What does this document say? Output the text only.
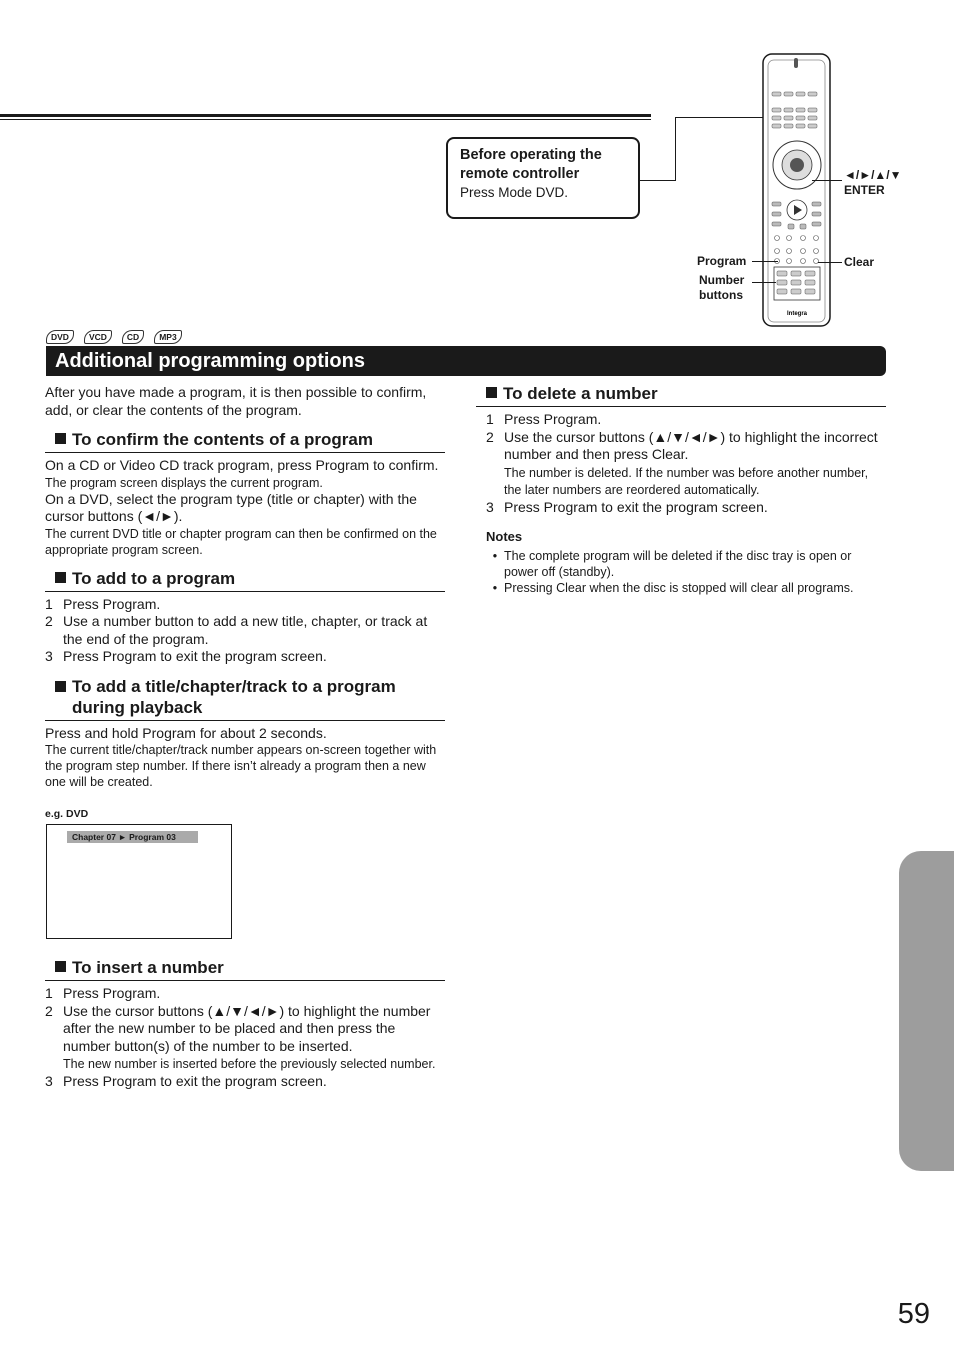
Before operating the remote controller
Press Mode DVD.
Integra
◄/►/▲/▼
ENTER
Clear
Program
Number buttons
DVD	VCD	CD	MP3
Additional programming options

After you have made a program, it is then possible to confirm, add, or clear the contents of the program.

To confirm the contents of a program

On a CD or Video CD track program, press Program to confirm.

The program screen displays the current program.

On a DVD, select the program type (title or chapter) with the cursor buttons (◄/►).

The current DVD title or chapter program can then be confirmed on the appropriate program screen.

To add to a program
1 Press Program.
2 Use a number button to add a new title, chapter, or track at the end of the program.
3 Press Program to exit the program screen.
To add a title/chapter/track to a program during playback

Press and hold Program for about 2 seconds.

The current title/chapter/track number appears on-screen together with the program step number. If there isn’t already a program then a new one will be created.

e.g. DVD
Chapter 07 ► Program 03
To insert a number
1 Press Program.
2 Use the cursor buttons (▲/▼/◄/►) to highlight the number after the new number to be placed and then press the number button(s) of the number to be inserted.
The new number is inserted before the previously selected number.
3 Press Program to exit the program screen.
To delete a number
1 Press Program.
2 Use the cursor buttons (▲/▼/◄/►) to highlight the incorrect number and then press Clear.
The number is deleted. If the number was before another number, the later numbers are reordered automatically.
3 Press Program to exit the program screen.
Notes
• The complete program will be deleted if the disc tray is open or power off (standby).
• Pressing Clear when the disc is stopped will clear all programs.
59
